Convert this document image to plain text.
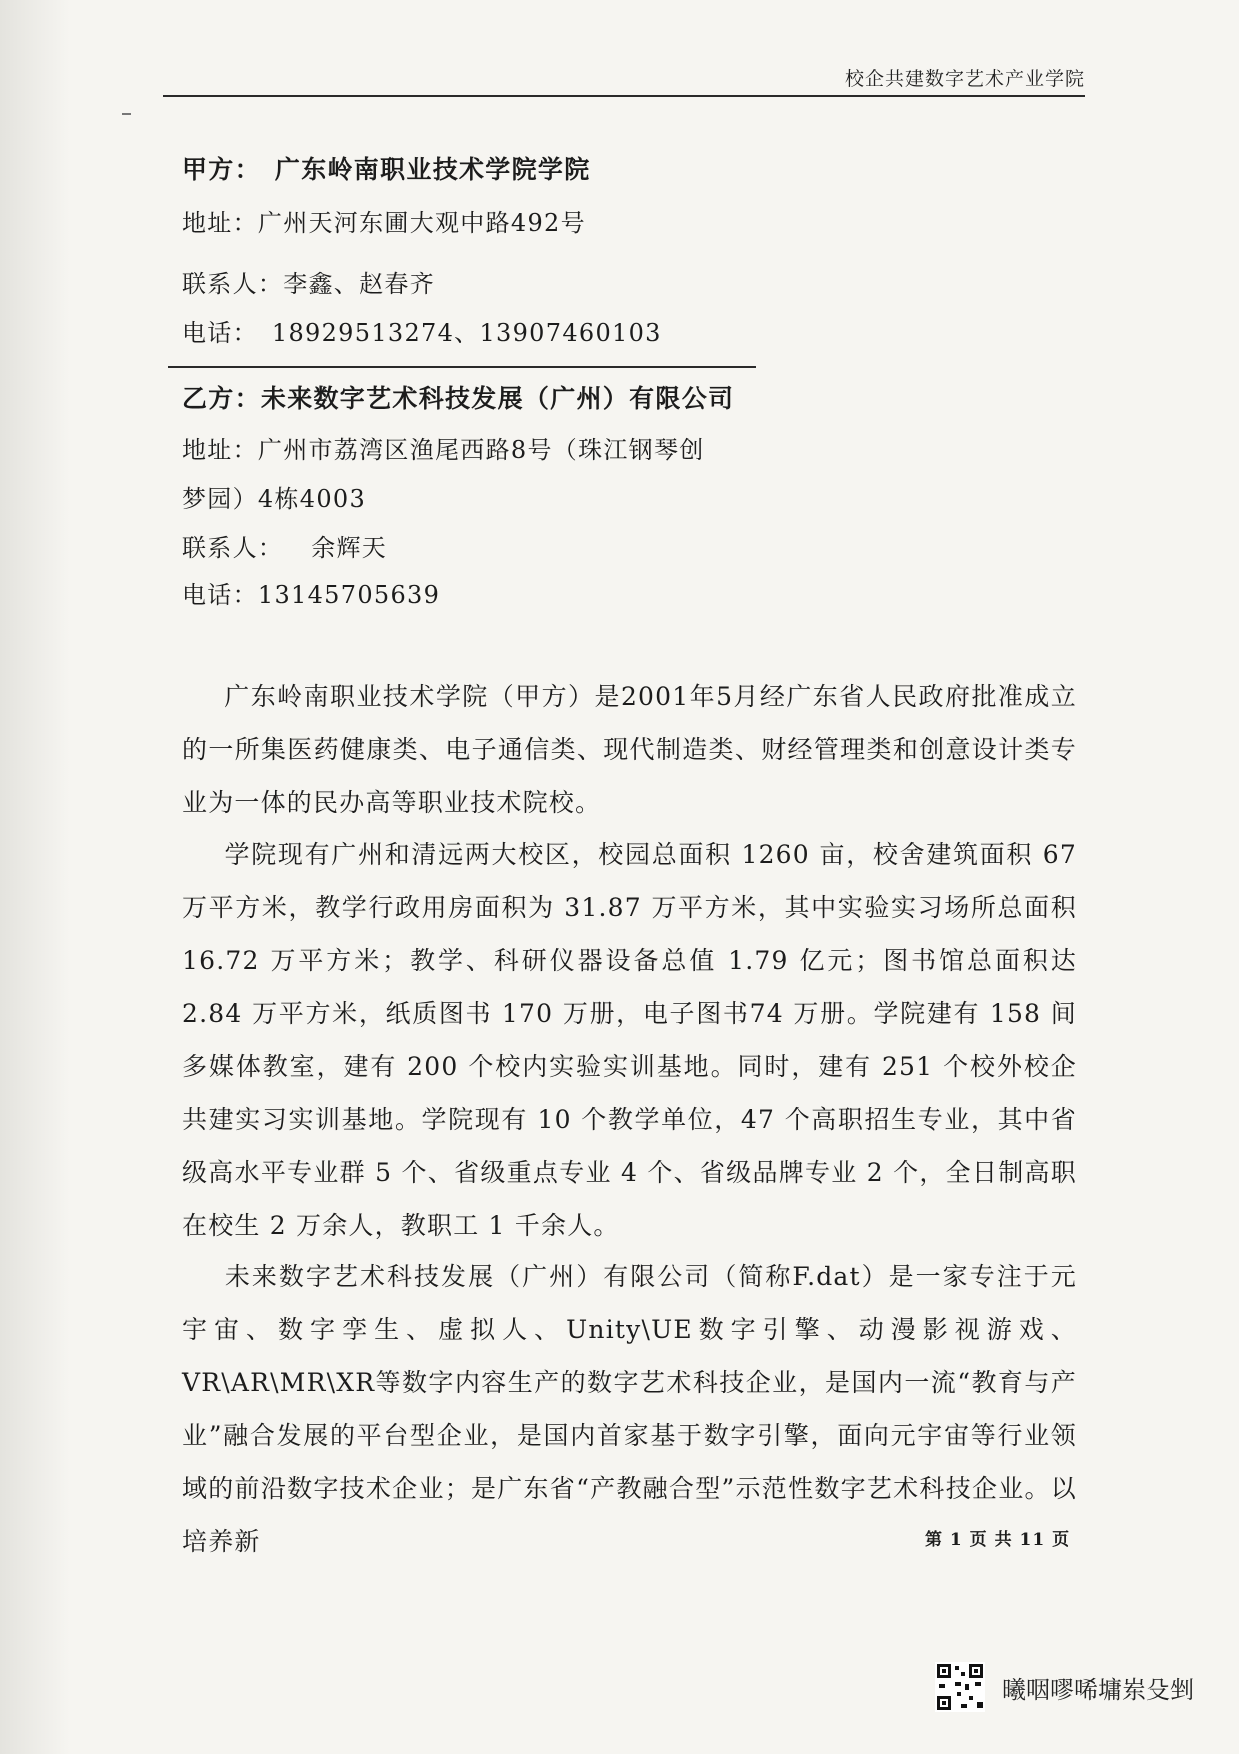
校企共建数字艺术产业学院
甲方： 广东岭南职业技术学院学院
地址：广州天河东圃大观中路492号
联系人：李鑫、赵春齐
电话： 18929513274、13907460103
乙方：未来数字艺术科技发展（广州）有限公司
地址：广州市荔湾区渔尾西路8号（珠江钢琴创
梦园）4栋4003
联系人： 余辉天
电话：13145705639

广东岭南职业技术学院（甲方）是2001年5月经广东省人民政府批准成立的一所集医药健康类、电子通信类、现代制造类、财经管理类和创意设计类专业为一体的民办高等职业技术院校。

学院现有广州和清远两大校区，校园总面积 1260 亩，校舍建筑面积 67 万平方米，教学行政用房面积为 31.87 万平方米，其中实验实习场所总面积 16.72 万平方米；教学、科研仪器设备总值 1.79 亿元；图书馆总面积达 2.84 万平方米，纸质图书 170 万册，电子图书74 万册。学院建有 158 间多媒体教室，建有 200 个校内实验实训基地。同时，建有 251 个校外校企共建实习实训基地。学院现有 10 个教学单位，47 个高职招生专业，其中省级高水平专业群 5 个、省级重点专业 4 个、省级品牌专业 2 个，全日制高职在校生 2 万余人，教职工 1 千余人。

未来数字艺术科技发展（广州）有限公司（简称F.dat）是一家专注于元宇宙、数字孪生、虚拟人、Unity\UE数字引擎、动漫影视游戏、VR\AR\MR\XR等数字内容生产的数字艺术科技企业，是国内一流“教育与产业”融合发展的平台型企业，是国内首家基于数字引擎，面向元宇宙等行业领域的前沿数字技术企业；是广东省“产教融合型”示范性数字艺术科技企业。以培养新	第 1 页 共 11 页
曦咽嘐唏墉岽殳剉
